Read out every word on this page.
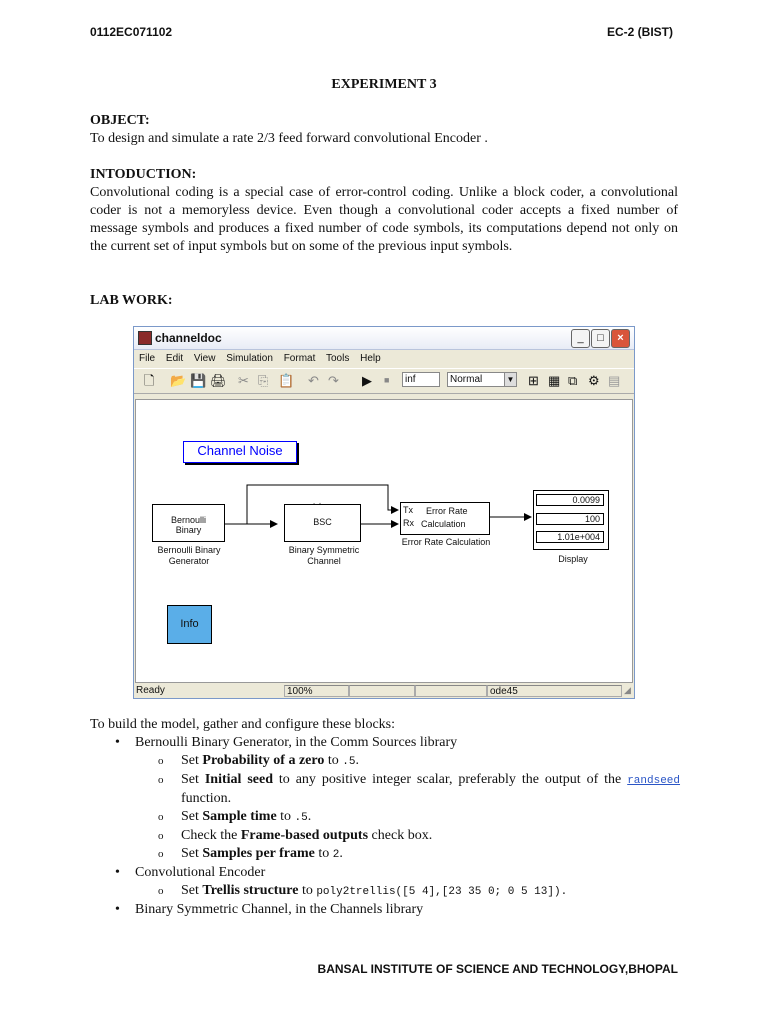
0112EC071102	EC-2 (BIST)
EXPERIMENT 3
OBJECT:

To design and simulate a rate 2/3 feed forward convolutional Encoder .

INTODUCTION:

Convolutional coding is a special case of error-control coding. Unlike a block coder, a convolutional coder is not a memoryless device. Even though a convolutional coder accepts a fixed number of message symbols and produces a fixed number of code symbols, its computations depend not only on the current set of input symbols but on some of the previous input symbols.

LAB WORK:
channeldoc	_	□	×
File Edit View Simulation Format Tools Help
🗋 📂 💾 🖨 ✂ ⎘ 📋 ↶ ↷ ▶ ■	inf	Normal	▼ ⊞ ▦ ⧉ ⚙ ▤
Channel Noise
Bernoulli
Binary
Bernoulli Binary
Generator
BSC
Binary Symmetric
Channel
Tx
Rx
Error Rate
Calculation
Error Rate Calculation
0.0099
100
1.01e+004
Display
Info
Ready	100%	ode45	◢

To build the model, gather and configure these blocks:

• Bernoulli Binary Generator, in the Comm Sources library

o Set Probability of a zero to .5.

o Set Initial seed to any positive integer scalar, preferably the output of the randseed function.

o Set Sample time to .5.

o Check the Frame-based outputs check box.

o Set Samples per frame to 2.

• Convolutional Encoder

o Set Trellis structure to poly2trellis([5 4],[23 35 0; 0 5 13]).

• Binary Symmetric Channel, in the Channels library

BANSAL INSTITUTE OF SCIENCE AND TECHNOLOGY,BHOPAL
